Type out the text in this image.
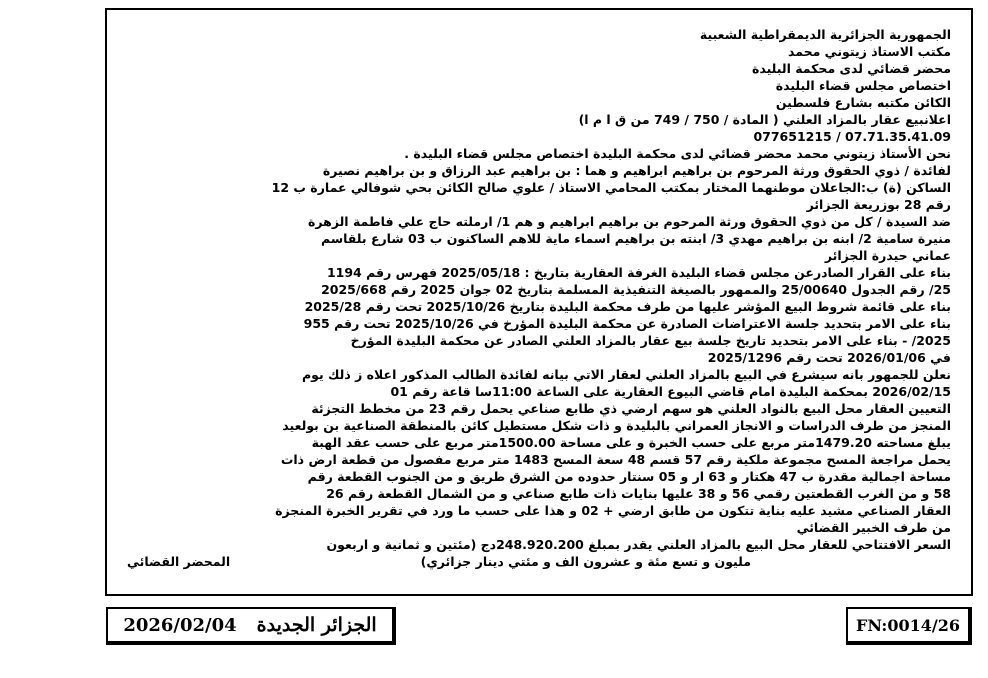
الجمهورية الجزائرية الديمقراطية الشعبية
مكتب الاستاذ زيتوني محمد
محضر قضائي لدى محكمة البليدة
اختصاص مجلس قضاء البليدة
الكائن مكتبه بشارع فلسطين
اعلانبيع عقار بالمزاد العلني ( المادة / 750 / 749 من ق ا م ا)
077651215 / 07.71.35.41.09
نحن الأستاذ زيتوني محمد محضر قضائي لدى محكمة البليدة اختصاص مجلس قضاء البليدة .
لفائدة / ذوي الحقوق ورثة المرحوم بن براهيم ابراهيم و هما : بن براهيم عبد الرزاق و بن براهيم نصيرة
الساكن (ة) ب:الجاعلان موطنهما المختار بمكتب المحامي الاستاذ / علوي صالح الكائن بحي شوفالي عمارة ب 12
رقم 28 بوزريعة الجزائر
ضد السيدة / كل من ذوي الحقوق ورثة المرحوم بن براهيم ابراهيم و هم 1/ ارملته حاج علي فاطمة الزهرة
منيرة سامية 2/ ابنه بن براهيم مهدي 3/ ابنته بن براهيم اسماء ماية للاهم الساكنون ب 03 شارع بلقاسم
عماني حيدرة الجزائر
بناء على القرار الصادرعن مجلس قضاء البليدة الغرفة العقارية بتاريخ : 2025/05/18 فهرس رقم 1194
25/ رقم الجدول 25/00640 والممهور بالصيغة التنفيذية المسلمة بتاريخ 02 جوان 2025 رقم 2025/668
بناء على قائمة شروط البيع المؤشر عليها من طرف محكمة البليدة بتاريخ 2025/10/26 تحت رقم 2025/28
بناء على الامر بتحديد جلسة الاعتراضات الصادرة عن محكمة البليدة المؤرخ في 2025/10/26 تحت رقم 955
2025/ - بناء على الامر بتحديد تاريخ جلسة بيع عقار بالمزاد العلني الصادر عن محكمة البليدة المؤرخ
في 2026/01/06 تحت رقم 2025/1296
نعلن للجمهور بانه سيشرع في البيع بالمزاد العلني لعقار الاتي بيانه لفائدة الطالب المذكور اعلاه ز ذلك يوم
2026/02/15 بمحكمة البليدة امام قاضي البيوع العقارية على الساعة 11:00سا قاعة رقم 01
التعيين العقار محل البيع بالنواد العلني هو سهم ارضي ذي طابع صناعي يحمل رقم 23 من مخطط التجزئة
المنجز من طرف الدراسات و الانجاز العمراني بالبليدة و ذات شكل مستطيل كائن بالمنطقة الصناعية بن بولعيد
يبلغ مساحته 1479.20متر مربع على حسب الخبرة و على مساحة 1500.00متر مربع على حسب عقد الهبة
يحمل مراجعة المسح مجموعة ملكية رقم 57 قسم 48 سعة المسح 1483 متر مربع مفصول من قطعة ارض ذات
مساحة اجمالية مقدرة ب 47 هكتار و 63 ار و 05 سنتار حدوده من الشرق طريق و من الجنوب القطعة رقم
58 و من الغرب القطعتين رقمي 56 و 38 عليها بنايات ذات طابع صناعي و من الشمال القطعة رقم 26
العقار الصناعي مشيد عليه بناية تتكون من طابق ارضي + 02 و هذا على حسب ما ورد في تقرير الخبرة المنجزة
من طرف الخبير القضائي
السعر الافتتاحي للعقار محل البيع بالمزاد العلني يقدر بمبلغ 248.920.200دج (مئتين و ثمانية و اربعون
مليون و تسع مئة و عشرون الف و مئتي دينار جزائري)
المحضر القضائي
FN:0014/26
الجزائر الجديدة
2026/02/04
